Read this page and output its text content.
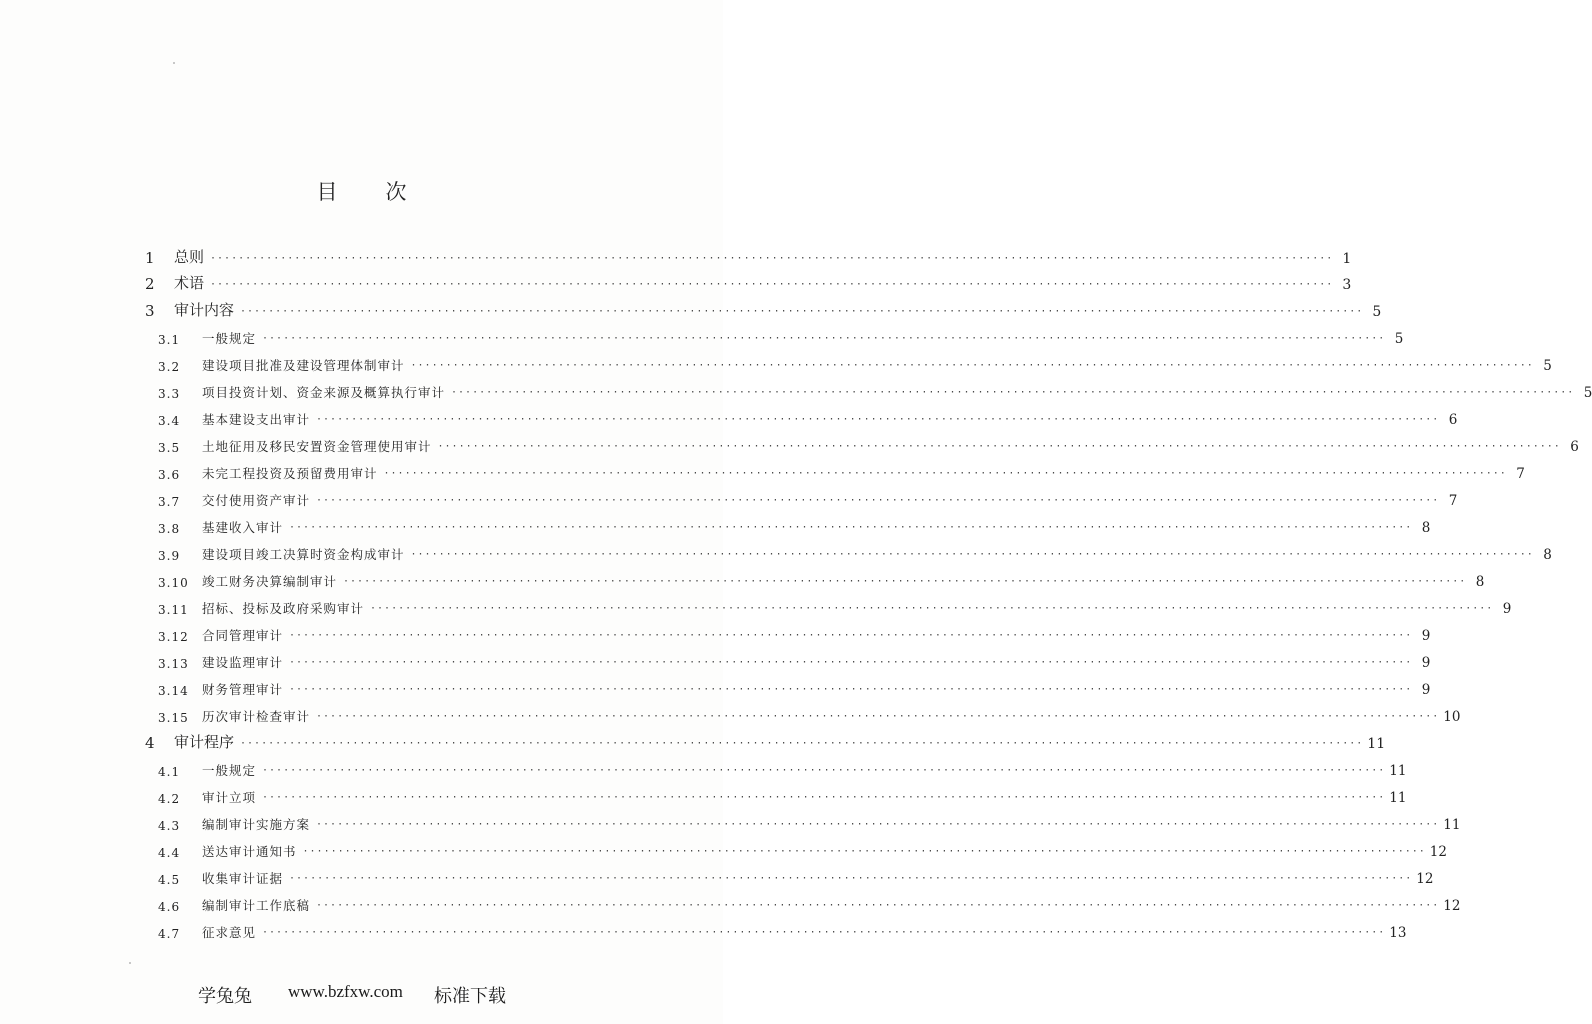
目 次
1	总则 ································································································································································ 1
2	术语 ································································································································································ 3
3	审计内容 ································································································································································ 5
3.1	一般规定 ································································································································································ 5
3.2	建设项目批准及建设管理体制审计 ································································································································································ 5
3.3	项目投资计划、资金来源及概算执行审计 ································································································································································ 5
3.4	基本建设支出审计 ································································································································································ 6
3.5	土地征用及移民安置资金管理使用审计 ································································································································································ 6
3.6	未完工程投资及预留费用审计 ································································································································································ 7
3.7	交付使用资产审计 ································································································································································ 7
3.8	基建收入审计 ································································································································································ 8
3.9	建设项目竣工决算时资金构成审计 ································································································································································ 8
3.10	竣工财务决算编制审计 ································································································································································ 8
3.11	招标、投标及政府采购审计 ································································································································································ 9
3.12	合同管理审计 ································································································································································ 9
3.13	建设监理审计 ································································································································································ 9
3.14	财务管理审计 ································································································································································ 9
3.15	历次审计检查审计 ································································································································································ 10
4	审计程序 ································································································································································ 11
4.1	一般规定 ································································································································································ 11
4.2	审计立项 ································································································································································ 11
4.3	编制审计实施方案 ································································································································································ 11
4.4	送达审计通知书 ································································································································································ 12
4.5	收集审计证据 ································································································································································ 12
4.6	编制审计工作底稿 ································································································································································ 12
4.7	征求意见 ································································································································································ 13
学兔兔 www.bzfxw.com 标准下载
